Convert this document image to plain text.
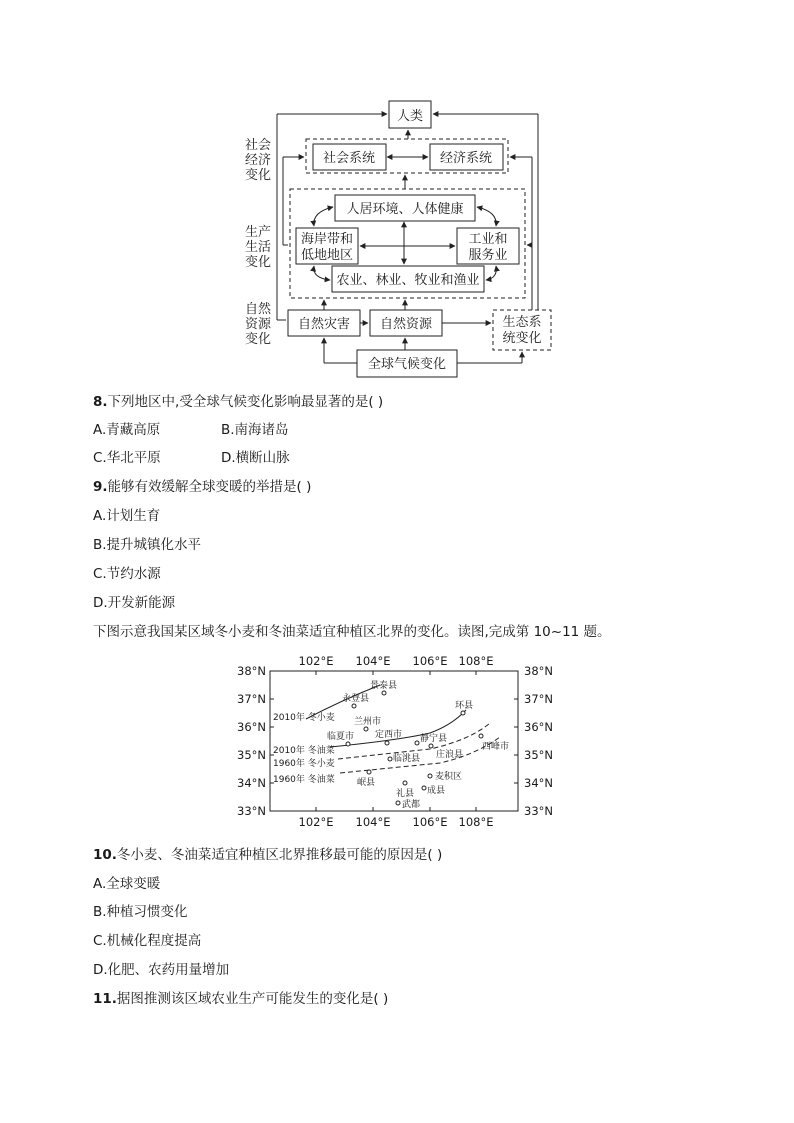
人类
社会系统	经济系统
人居环境、人体健康
海岸带和
低地地区
工业和
服务业
农业、林业、牧业和渔业
自然灾害 自然资源	生态系
统变化
全球气候变化
社会
经济
变化
生产
生活
变化
自然
资源
变化
8.下列地区中,受全球气候变化影响最显著的是( )
A.青藏高原	B.南海诸岛
C.华北平原	D.横断山脉
9.能够有效缓解全球变暖的举措是( )
A.计划生育
B.提升城镇化水平
C.节约水源
D.开发新能源
下图示意我国某区域冬小麦和冬油菜适宜种植区北界的变化。读图,完成第 10~11 题。
102°E 104°E 106°E 108°E
102°E 104°E 106°E 108°E
38°N
37°N
36°N
35°N
34°N
33°N
38°N
37°N
36°N
35°N
34°N
33°N
景泰县
永登县
兰州市
环县
临夏市 定西市 静宁县
西峰市
临洮县 庄浪县
麦积区
岷县
礼县 成县
武都
2010年 冬小麦
2010年 冬油菜
1960年 冬小麦
1960年 冬油菜
10.冬小麦、冬油菜适宜种植区北界推移最可能的原因是( )
A.全球变暖
B.种植习惯变化
C.机械化程度提高
D.化肥、农药用量增加
11.据图推测该区域农业生产可能发生的变化是( )
